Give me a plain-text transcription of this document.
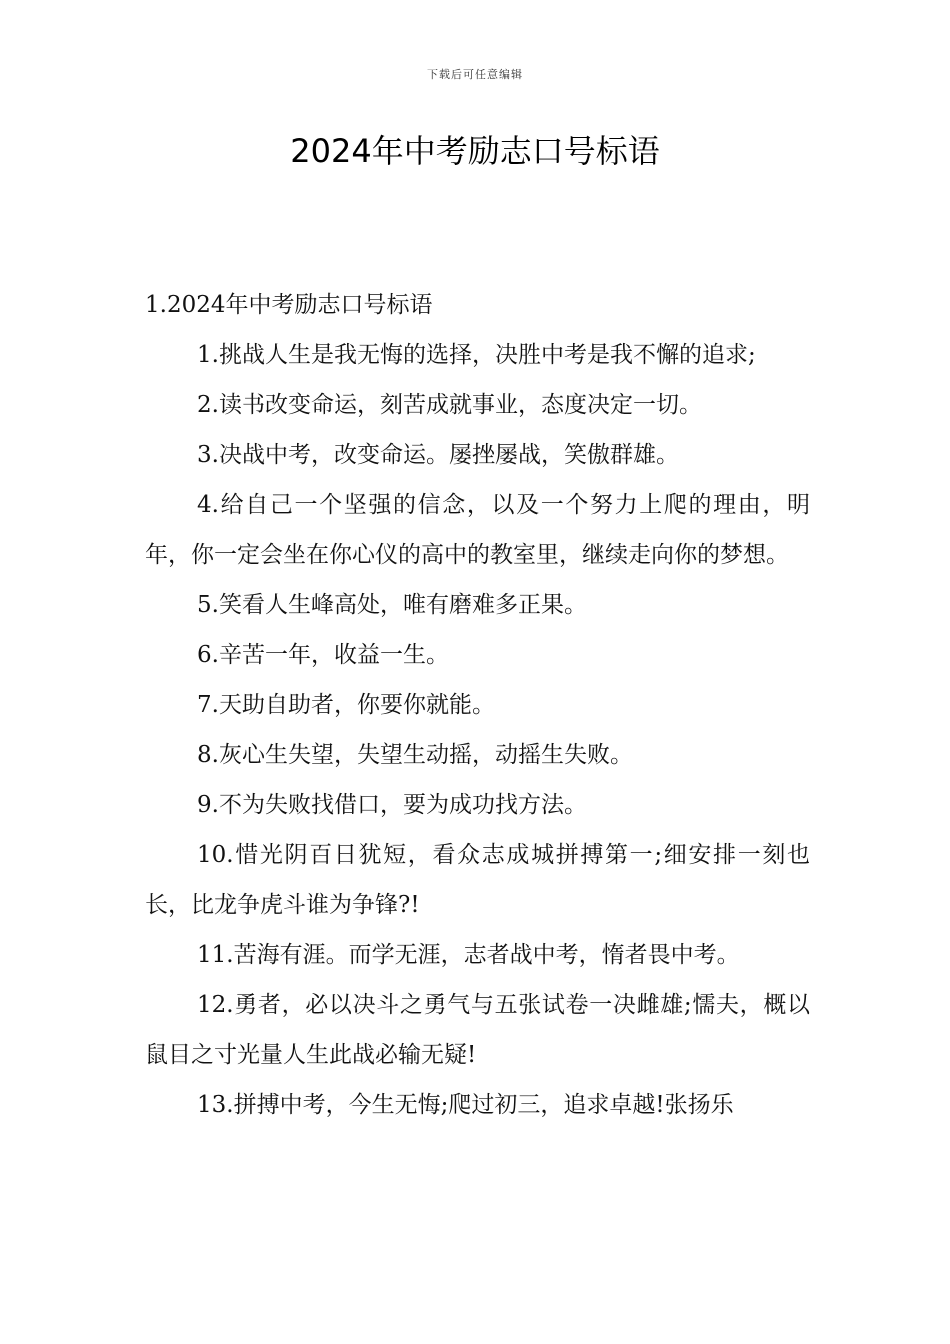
下载后可任意编辑
2024年中考励志口号标语

1.2024年中考励志口号标语

1.挑战人生是我无悔的选择，决胜中考是我不懈的追求;

2.读书改变命运，刻苦成就事业，态度决定一切。

3.决战中考，改变命运。屡挫屡战，笑傲群雄。

4.给自己一个坚强的信念，以及一个努力上爬的理由，明年，你一定会坐在你心仪的高中的教室里，继续走向你的梦想。

5.笑看人生峰高处，唯有磨难多正果。

6.辛苦一年，收益一生。

7.天助自助者，你要你就能。

8.灰心生失望，失望生动摇，动摇生失败。

9.不为失败找借口，要为成功找方法。

10.惜光阴百日犹短，看众志成城拼搏第一;细安排一刻也长，比龙争虎斗谁为争锋?!

11.苦海有涯。而学无涯，志者战中考，惰者畏中考。

12.勇者，必以决斗之勇气与五张试卷一决雌雄;懦夫，概以鼠目之寸光量人生此战必输无疑!

13.拼搏中考，今生无悔;爬过初三，追求卓越!张扬乐
